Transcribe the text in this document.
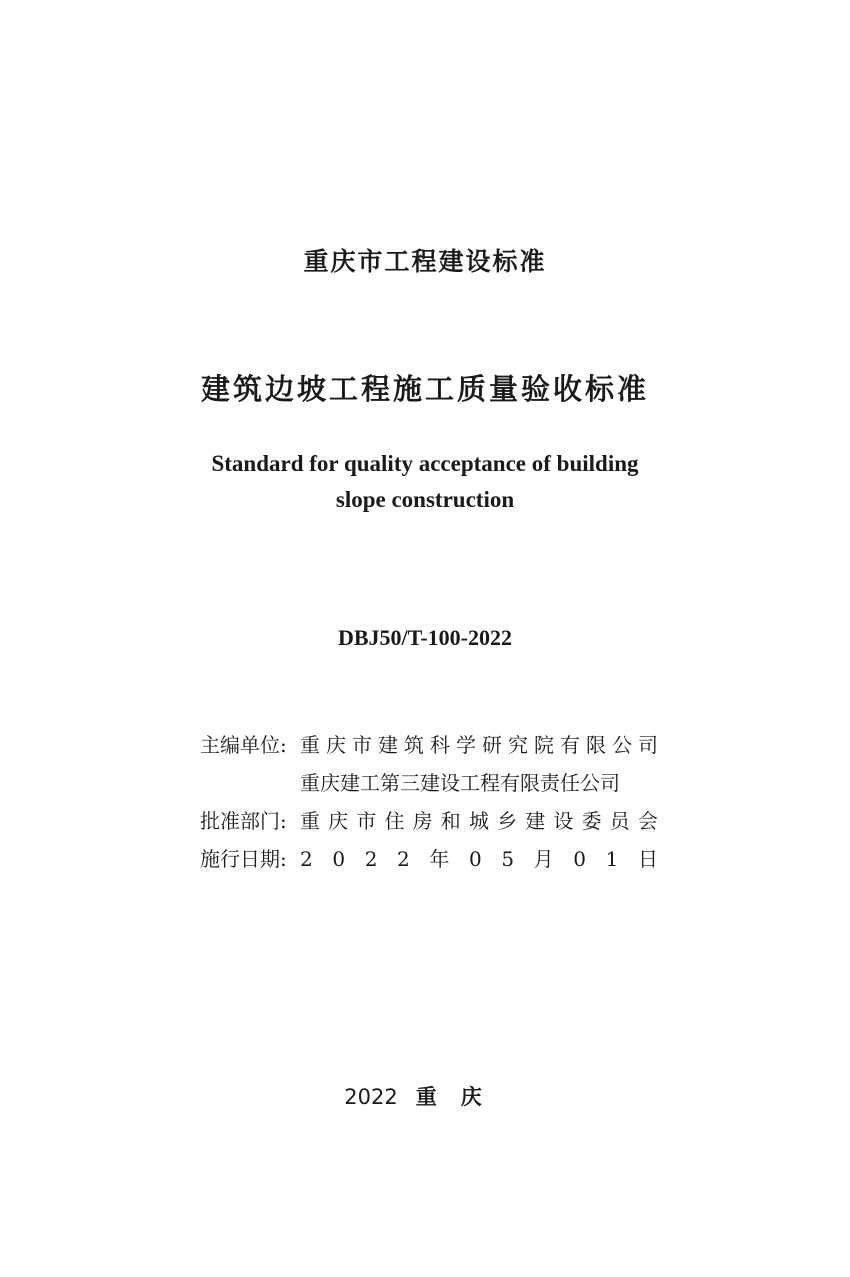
重庆市工程建设标准
建筑边坡工程施工质量验收标准
Standard for quality acceptance of building
slope construction
DBJ50/T-100-2022
主编单位: 重 庆 市 建 筑 科 学 研 究 院 有 限 公 司
重庆建工第三建设工程有限责任公司
批准部门: 重 庆 市 住 房 和 城 乡 建 设 委 员 会
施行日期: 2 0 2 2 年 0 5 月 0 1 日
2022 重庆
